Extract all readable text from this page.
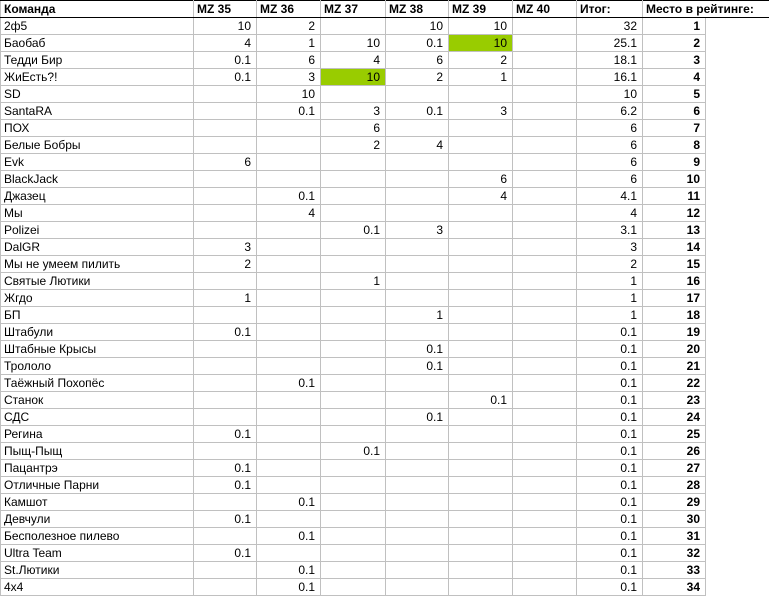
Команда	MZ 35	MZ 36	MZ 37	MZ 38	MZ 39	MZ 40	Итог:	Место в рейтинге:	
2ф5	10	2		10	10		32	1	
Баобаб	4	1	10	0.1	10		25.1	2	
Тедди Бир	0.1	6	4	6	2		18.1	3	
ЖиЕсть?!	0.1	3	10	2	1		16.1	4	
SD		10					10	5	
SantaRA		0.1	3	0.1	3		6.2	6	
ПОХ			6				6	7	
Белые Бобры			2	4			6	8	
Evk	6						6	9	
BlackJack					6		6	10	
Джазец		0.1			4		4.1	11	
Мы		4					4	12	
Polizei			0.1	3			3.1	13	
DalGR	3						3	14	
Мы не умеем пилить	2						2	15	
Святые Лютики			1				1	16	
Жгдо	1						1	17	
БП				1			1	18	
Штабули	0.1						0.1	19	
Штабные Крысы				0.1			0.1	20	
Трололо				0.1			0.1	21	
Таёжный Похопёс		0.1					0.1	22	
Станок					0.1		0.1	23	
СДС				0.1			0.1	24	
Регина	0.1						0.1	25	
Пыщ-Пыщ			0.1				0.1	26	
Пацантрэ	0.1						0.1	27	
Отличные Парни	0.1						0.1	28	
Камшот		0.1					0.1	29	
Девчули	0.1						0.1	30	
Бесполезное пилево		0.1					0.1	31	
Ultra Team	0.1						0.1	32	
St.Лютики		0.1					0.1	33	
4x4		0.1					0.1	34	
